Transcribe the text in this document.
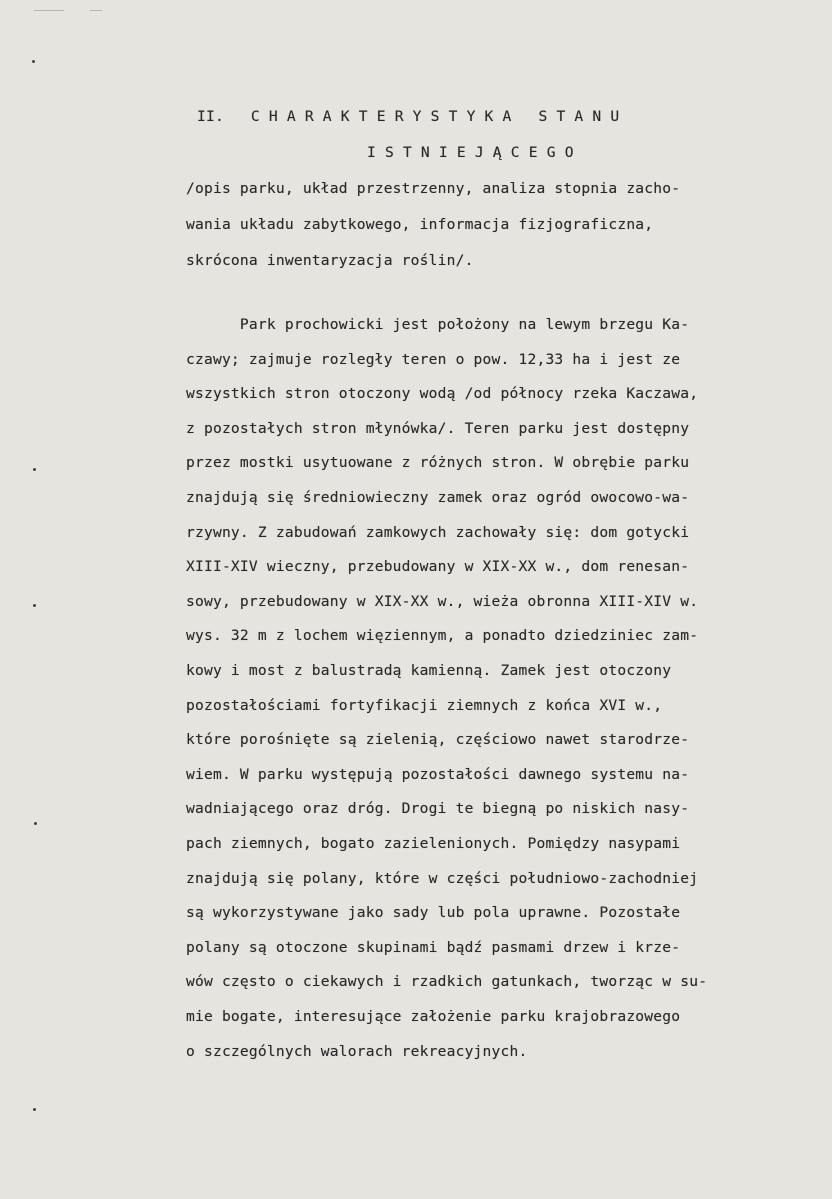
II.   C H A R A K T E R Y S T Y K A   S T A N U
I S T N I E J Ą C E G O

/opis parku, układ przestrzenny, analiza stopnia zacho-

wania układu zabytkowego, informacja fizjograficzna,

skrócona inwentaryzacja roślin/.

Park prochowicki jest położony na lewym brzegu Ka-

czawy; zajmuje rozległy teren o pow. 12,33 ha i jest ze

wszystkich stron otoczony wodą /od północy rzeka Kaczawa,

z pozostałych stron młynówka/. Teren parku jest dostępny

przez mostki usytuowane z różnych stron. W obrębie parku

znajdują się średniowieczny zamek oraz ogród owocowo-wa-

rzywny. Z zabudowań zamkowych zachowały się: dom gotycki

XIII-XIV wieczny, przebudowany w XIX-XX w., dom renesan-

sowy, przebudowany w XIX-XX w., wieża obronna XIII-XIV w.

wys. 32 m z lochem więziennym, a ponadto dziedziniec zam-

kowy i most z balustradą kamienną. Zamek jest otoczony

pozostałościami fortyfikacji ziemnych z końca XVI w.,

które porośnięte są zielenią, częściowo nawet starodrze-

wiem. W parku występują pozostałości dawnego systemu na-

wadniającego oraz dróg. Drogi te biegną po niskich nasy-

pach ziemnych, bogato zazielenionych. Pomiędzy nasypami

znajdują się polany, które w części południowo-zachodniej

są wykorzystywane jako sady lub pola uprawne. Pozostałe

polany są otoczone skupinami bądź pasmami drzew i krze-

wów często o ciekawych i rzadkich gatunkach, tworząc w su-

mie bogate, interesujące założenie parku krajobrazowego

o szczególnych walorach rekreacyjnych.
